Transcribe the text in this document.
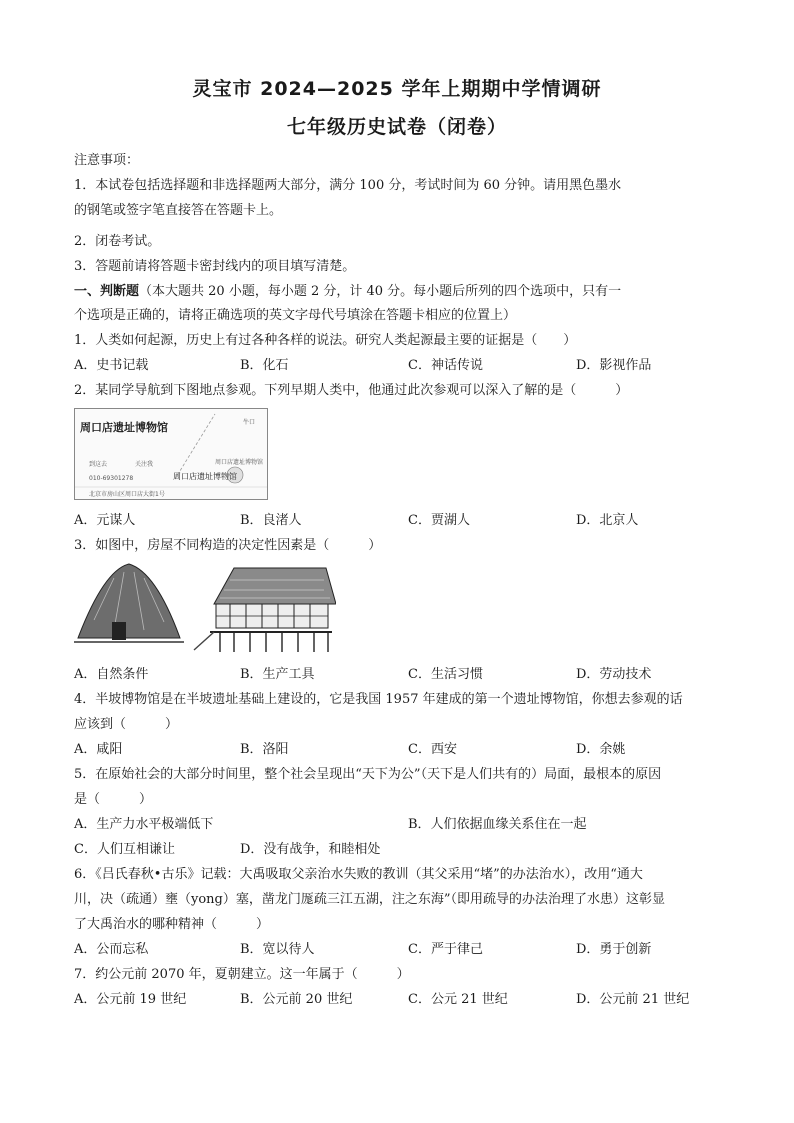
灵宝市 2024—2025 学年上期期中学情调研
七年级历史试卷（闭卷）
注意事项：
1．本试卷包括选择题和非选择题两大部分，满分 100 分，考试时间为 60 分钟。请用黑色墨水
的钢笔或签字笔直接答在答题卡上。
2．闭卷考试。
3．答题前请将答题卡密封线内的项目填写清楚。
一、判断题（本大题共 20 小题，每小题 2 分，计 40 分。每小题后所列的四个选项中，只有一
个选项是正确的，请将正确选项的英文字母代号填涂在答题卡相应的位置上）
1．人类如何起源，历史上有过各种各样的说法。研究人类起源最主要的证据是（　　）
A．史书记载	B．化石	C．神话传说	D．影视作品
2．某同学导航到下图地点参观。下列早期人类中，他通过此次参观可以深入了解的是（　　　）
周口店遗址博物馆	牛口
到这去	关注我	周口店遗址博物馆
010-69301278
北京市房山区周口店大街1号
周口店遗址博物馆
A．元谋人	B．良渚人	C．贾湖人	D．北京人
3．如图中，房屋不同构造的决定性因素是（　　　）
A．自然条件	B．生产工具	C．生活习惯	D．劳动技术
4．半坡博物馆是在半坡遗址基础上建设的，它是我国 1957 年建成的第一个遗址博物馆，你想去参观的话
应该到（　　　）
A．咸阳	B．洛阳	C．西安	D．余姚
5．在原始社会的大部分时间里，整个社会呈现出“天下为公”（天下是人们共有的）局面，最根本的原因
是（　　　）
A．生产力水平极端低下	B．人们依据血缘关系住在一起
C．人们互相谦让	D．没有战争，和睦相处
6．《吕氏春秋•古乐》记载：大禹吸取父亲治水失败的教训（其父采用“堵”的办法治水），改用“通大
川，决（疏通）壅（yong）塞，凿龙门厖疏三江五湖，注之东海”（即用疏导的办法治理了水患）这彰显
了大禹治水的哪种精神（　　　）
A．公而忘私	B．宽以待人	C．严于律己	D．勇于创新
7．约公元前 2070 年，夏朝建立。这一年属于（　　　）
A．公元前 19 世纪	B．公元前 20 世纪	C．公元 21 世纪	D．公元前 21 世纪
